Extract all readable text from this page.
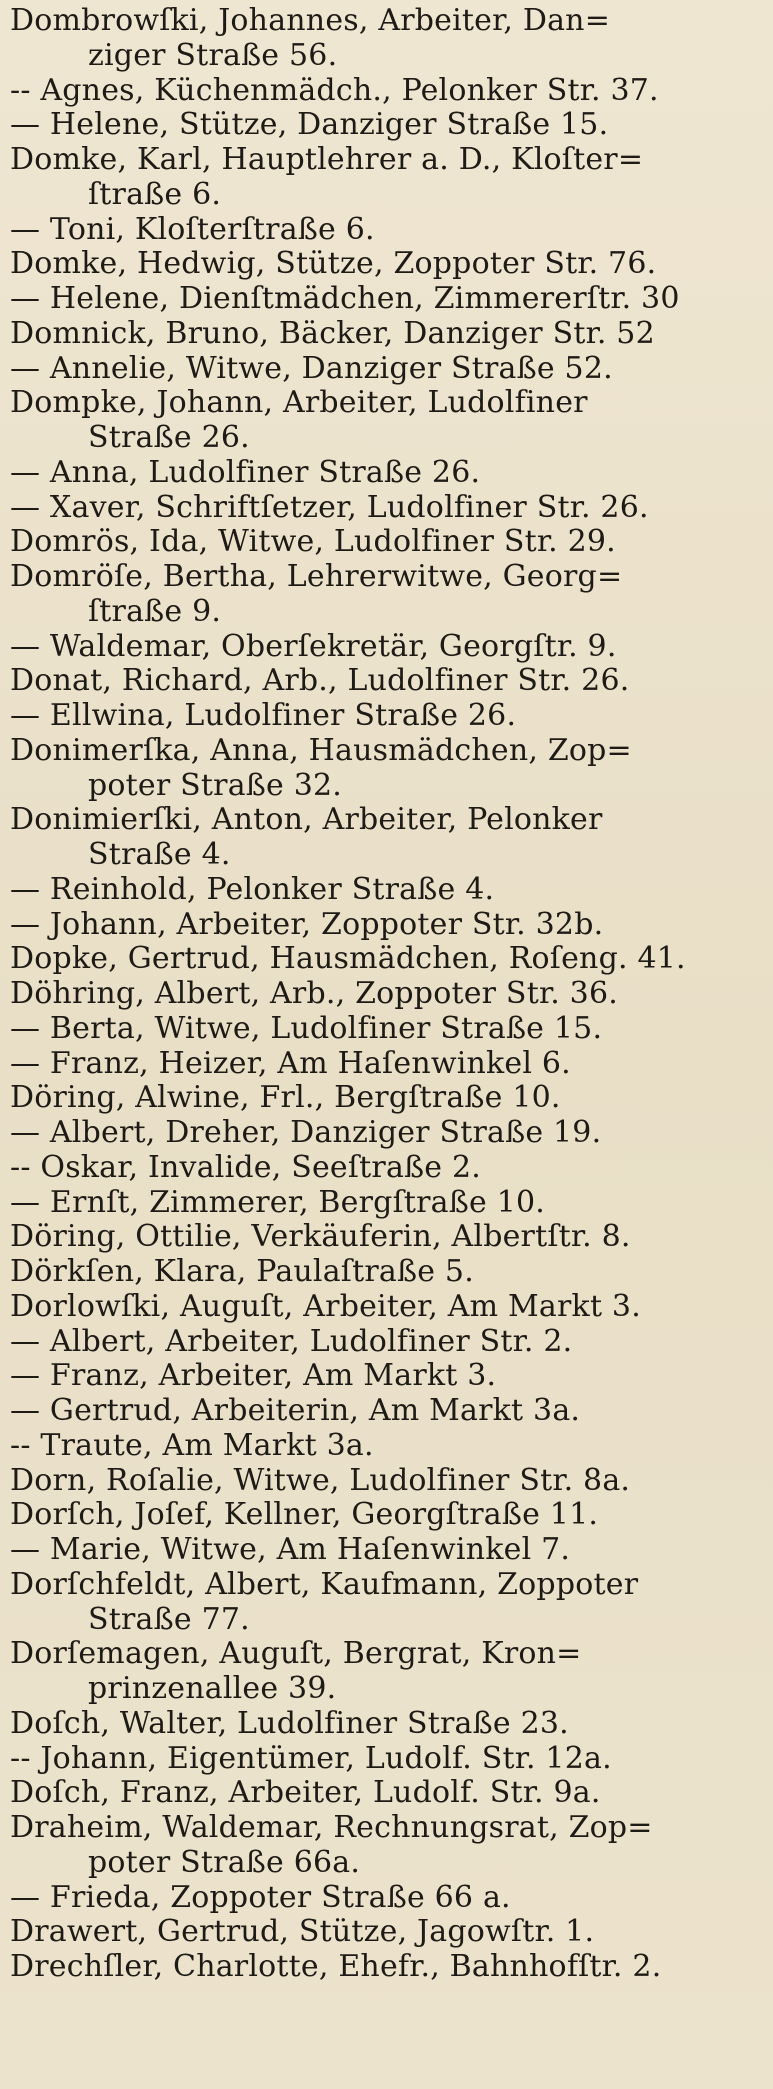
Dombrowſki, Johannes, Arbeiter, Dan=
ziger Straße 56.
-- Agnes, Küchenmädch., Pelonker Str. 37.
— Helene, Stütze, Danziger Straße 15.
Domke, Karl, Hauptlehrer a. D., Kloſter=
ſtraße 6.
— Toni, Kloſterſtraße 6.
Domke, Hedwig, Stütze, Zoppoter Str. 76.
— Helene, Dienſtmädchen, Zimmererſtr. 30
Domnick, Bruno, Bäcker, Danziger Str. 52
— Annelie, Witwe, Danziger Straße 52.
Dompke, Johann, Arbeiter, Ludolfiner
Straße 26.
— Anna, Ludolfiner Straße 26.
— Xaver, Schriftſetzer, Ludolfiner Str. 26.
Domrös, Ida, Witwe, Ludolfiner Str. 29.
Domröſe, Bertha, Lehrerwitwe, Georg=
ſtraße 9.
— Waldemar, Oberſekretär, Georgſtr. 9.
Donat, Richard, Arb., Ludolfiner Str. 26.
— Ellwina, Ludolfiner Straße 26.
Donimerſka, Anna, Hausmädchen, Zop=
poter Straße 32.
Donimierſki, Anton, Arbeiter, Pelonker
Straße 4.
— Reinhold, Pelonker Straße 4.
— Johann, Arbeiter, Zoppoter Str. 32b.
Dopke, Gertrud, Hausmädchen, Roſeng. 41.
Döhring, Albert, Arb., Zoppoter Str. 36.
— Berta, Witwe, Ludolfiner Straße 15.
— Franz, Heizer, Am Haſenwinkel 6.
Döring, Alwine, Frl., Bergſtraße 10.
— Albert, Dreher, Danziger Straße 19.
-- Oskar, Invalide, Seeſtraße 2.
— Ernſt, Zimmerer, Bergſtraße 10.
Döring, Ottilie, Verkäuferin, Albertſtr. 8.
Dörkſen, Klara, Paulaſtraße 5.
Dorlowſki, Auguſt, Arbeiter, Am Markt 3.
— Albert, Arbeiter, Ludolfiner Str. 2.
— Franz, Arbeiter, Am Markt 3.
— Gertrud, Arbeiterin, Am Markt 3a.
-- Traute, Am Markt 3a.
Dorn, Roſalie, Witwe, Ludolfiner Str. 8a.
Dorſch, Joſef, Kellner, Georgſtraße 11.
— Marie, Witwe, Am Haſenwinkel 7.
Dorſchfeldt, Albert, Kaufmann, Zoppoter
Straße 77.
Dorſemagen, Auguſt, Bergrat, Kron=
prinzenallee 39.
Doſch, Walter, Ludolfiner Straße 23.
-- Johann, Eigentümer, Ludolf. Str. 12a.
Doſch, Franz, Arbeiter, Ludolf. Str. 9a.
Draheim, Waldemar, Rechnungsrat, Zop=
poter Straße 66a.
— Frieda, Zoppoter Straße 66 a.
Drawert, Gertrud, Stütze, Jagowſtr. 1.
Drechſler, Charlotte, Ehefr., Bahnhofſtr. 2.
